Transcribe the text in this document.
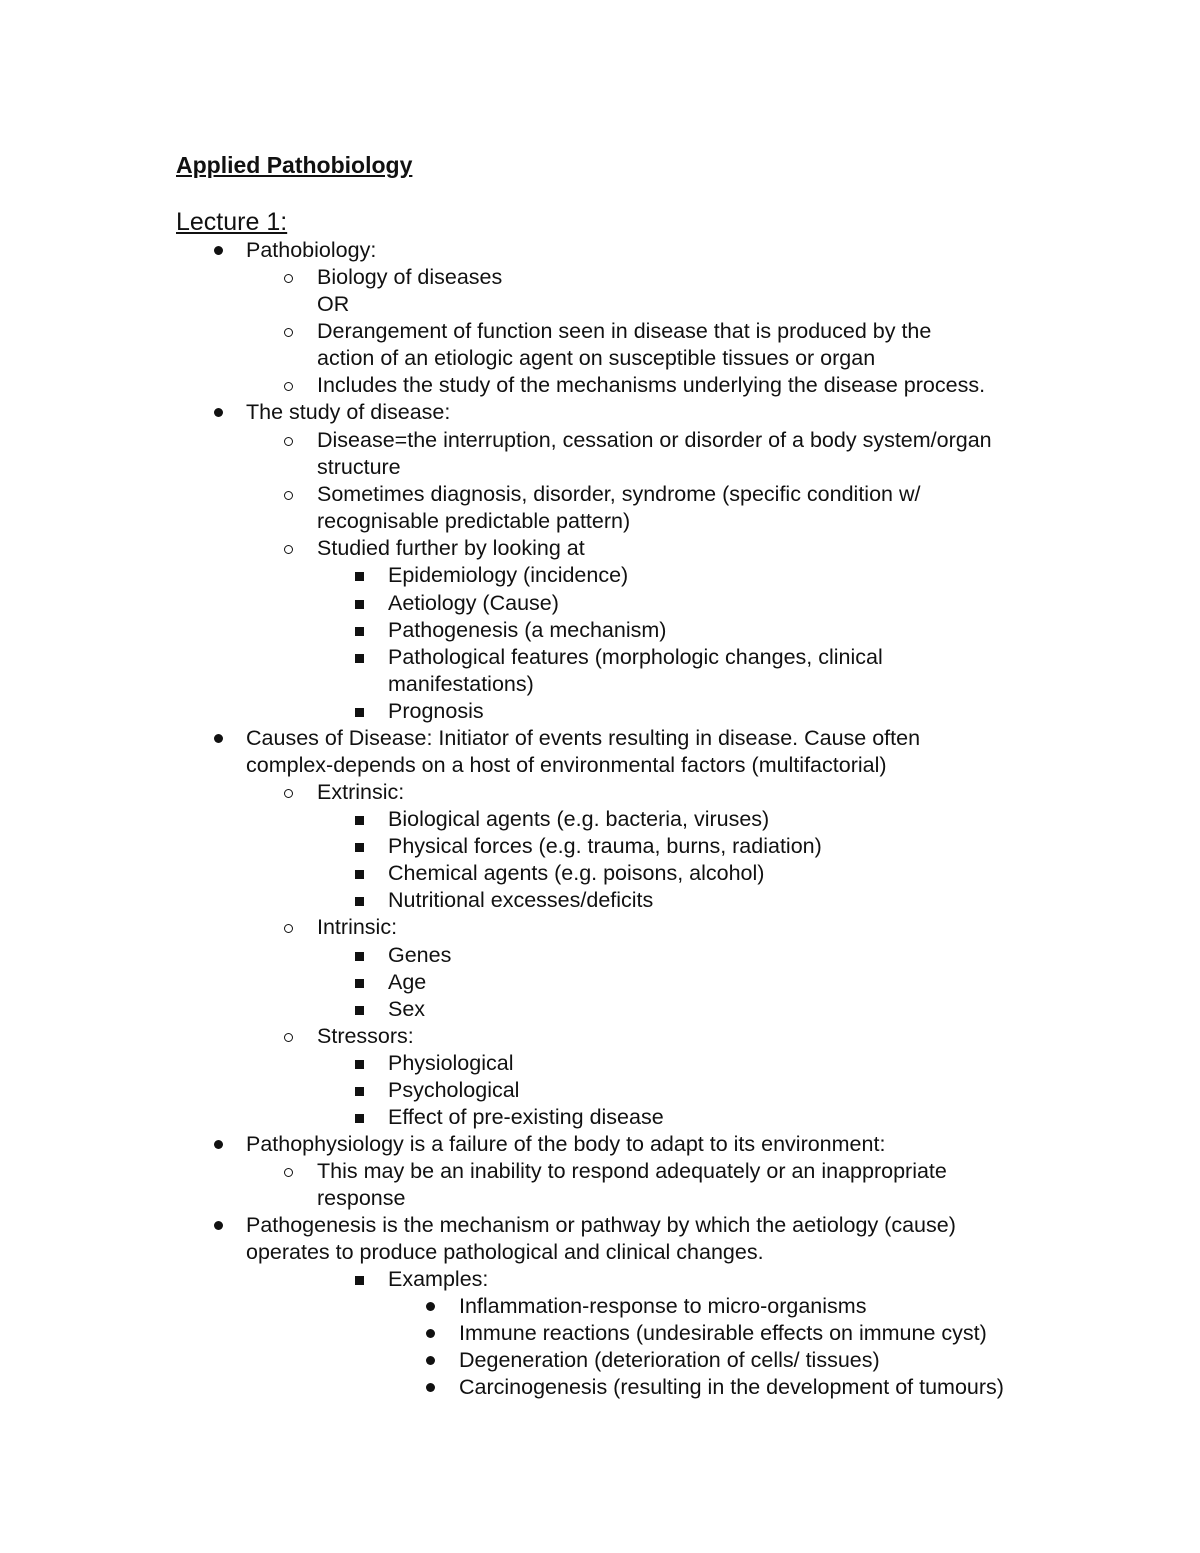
Applied Pathobiology
Lecture 1:
Pathobiology:
Biology of diseases
OR
Derangement of function seen in disease that is produced by the
action of an etiologic agent on susceptible tissues or organ
Includes the study of the mechanisms underlying the disease process.
The study of disease:
Disease=the interruption, cessation or disorder of a body system/organ
structure
Sometimes diagnosis, disorder, syndrome (specific condition w/
recognisable predictable pattern)
Studied further by looking at
Epidemiology (incidence)
Aetiology (Cause)
Pathogenesis (a mechanism)
Pathological features (morphologic changes, clinical
manifestations)
Prognosis
Causes of Disease: Initiator of events resulting in disease. Cause often
complex-depends on a host of environmental factors (multifactorial)
Extrinsic:
Biological agents (e.g. bacteria, viruses)
Physical forces (e.g. trauma, burns, radiation)
Chemical agents (e.g. poisons, alcohol)
Nutritional excesses/deficits
Intrinsic:
Genes
Age
Sex
Stressors:
Physiological
Psychological
Effect of pre-existing disease
Pathophysiology is a failure of the body to adapt to its environment:
This may be an inability to respond adequately or an inappropriate
response
Pathogenesis is the mechanism or pathway by which the aetiology (cause)
operates to produce pathological and clinical changes.
Examples:
Inflammation-response to micro-organisms
Immune reactions (undesirable effects on immune cyst)
Degeneration (deterioration of cells/ tissues)
Carcinogenesis (resulting in the development of tumours)
